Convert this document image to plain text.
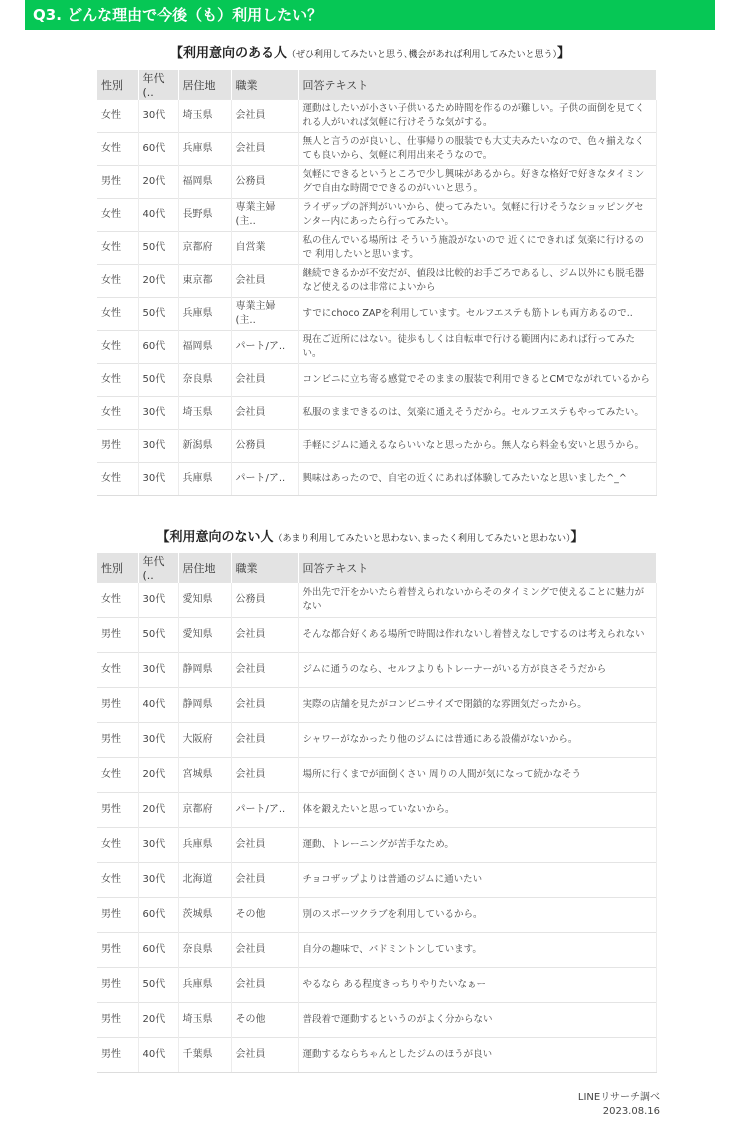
Q3. どんな理由で今後（も）利用したい？
【利用意向のある人（ぜひ利用してみたいと思う､機会があれば利用してみたいと思う）】
性別	年代 (..	居住地	職業	回答テキスト
女性	30代	埼玉県	会社員	運動はしたいが小さい子供いるため時間を作るのが難しい。子供の面倒を見てくれる人がいれば気軽に行けそうな気がする。
女性	60代	兵庫県	会社員	無人と言うのが良いし、仕事帰りの服装でも大丈夫みたいなので、色々揃えなくても良いから、気軽に利用出来そうなので。
男性	20代	福岡県	公務員	気軽にできるというところで少し興味があるから。好きな格好で好きなタイミングで自由な時間でできるのがいいと思う。
女性	40代	長野県	専業主婦 (主..	ライザップの評判がいいから、使ってみたい。気軽に行けそうなショッピングセンター内にあったら行ってみたい。
女性	50代	京都府	自営業	私の住んでいる場所は そういう施設がないので 近くにできれば 気楽に行けるので 利用したいと思います。
女性	20代	東京都	会社員	継続できるかが不安だが、値段は比較的お手ごろであるし、ジム以外にも脱毛器など使えるのは非常によいから
女性	50代	兵庫県	専業主婦 (主..	すでにchoco ZAPを利用しています。セルフエステも筋トレも両方あるので..
女性	60代	福岡県	パート/ア..	現在ご近所にはない。徒歩もしくは自転車で行ける範囲内にあれば行ってみたい。
女性	50代	奈良県	会社員	コンビニに立ち寄る感覚でそのままの服装で利用できるとCMでながれているから
女性	30代	埼玉県	会社員	私服のままできるのは、気楽に通えそうだから。セルフエステもやってみたい。
男性	30代	新潟県	公務員	手軽にジムに通えるならいいなと思ったから。無人なら料金も安いと思うから。
女性	30代	兵庫県	パート/ア..	興味はあったので、自宅の近くにあれば体験してみたいなと思いました^_^
【利用意向のない人（あまり利用してみたいと思わない､まったく利用してみたいと思わない）】
性別	年代 (..	居住地	職業	回答テキスト
女性	30代	愛知県	公務員	外出先で汗をかいたら着替えられないからそのタイミングで使えることに魅力がない
男性	50代	愛知県	会社員	そんな都合好くある場所で時間は作れないし着替えなしでするのは考えられない
女性	30代	静岡県	会社員	ジムに通うのなら、セルフよりもトレーナーがいる方が良さそうだから
男性	40代	静岡県	会社員	実際の店舗を見たがコンビニサイズで閉鎖的な雰囲気だったから。
男性	30代	大阪府	会社員	シャワーがなかったり他のジムには普通にある設備がないから。
女性	20代	宮城県	会社員	場所に行くまでが面倒くさい 周りの人間が気になって続かなそう
男性	20代	京都府	パート/ア..	体を鍛えたいと思っていないから。
女性	30代	兵庫県	会社員	運動、トレーニングが苦手なため。
女性	30代	北海道	会社員	チョコザップよりは普通のジムに通いたい
男性	60代	茨城県	その他	別のスポーツクラブを利用しているから。
男性	60代	奈良県	会社員	自分の趣味で、バドミントンしています。
男性	50代	兵庫県	会社員	やるなら ある程度きっちりやりたいなぁー
男性	20代	埼玉県	その他	普段着で運動するというのがよく分からない
男性	40代	千葉県	会社員	運動するならちゃんとしたジムのほうが良い
LINEリサーチ調べ
2023.08.16
